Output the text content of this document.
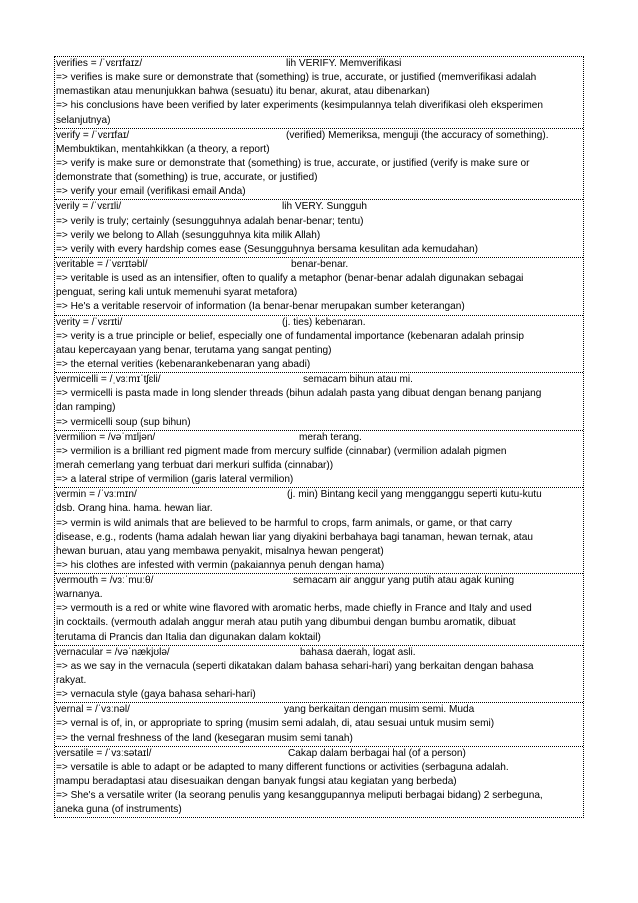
verifies = /ˈvɛrɪfaɪz/	lih VERIFY. Memverifikasi
=> verifies is make sure or demonstrate that (something) is true, accurate, or justified (memverifikasi adalah
memastikan atau menunjukkan bahwa (sesuatu) itu benar, akurat, atau dibenarkan)
=> his conclusions have been verified by later experiments (kesimpulannya telah diverifikasi oleh eksperimen
selanjutnya)
verify = /ˈvɛrɪfaɪ/	(verified) Memeriksa, menguji (the accuracy of something).
Membuktikan, mentahkikkan (a theory, a report)
=> verify is make sure or demonstrate that (something) is true, accurate, or justified (verify is make sure or
demonstrate that (something) is true, accurate, or justified)
=> verify your email (verifikasi email Anda)
verily = /ˈvɛrɪli/	lih VERY. Sungguh
=> verily is truly; certainly (sesungguhnya adalah benar-benar; tentu)
=> verily we belong to Allah (sesungguhnya kita milik Allah)
=> verily with every hardship comes ease (Sesungguhnya bersama kesulitan ada kemudahan)
veritable = /ˈvɛrɪtəbl/	benar-benar.
=> veritable is used as an intensifier, often to qualify a metaphor (benar-benar adalah digunakan sebagai
penguat, sering kali untuk memenuhi syarat metafora)
=> He's a veritable reservoir of information (Ia benar-benar merupakan sumber keterangan)
verity = /ˈvɛrɪti/	(j. ties) kebenaran.
=> verity is a true principle or belief, especially one of fundamental importance (kebenaran adalah prinsip
atau kepercayaan yang benar, terutama yang sangat penting)
=> the eternal verities (kebenarankebenaran yang abadi)
vermicelli = /ˌvɜːmɪˈtʃɛli/	semacam bihun atau mi.
=> vermicelli is pasta made in long slender threads (bihun adalah pasta yang dibuat dengan benang panjang
dan ramping)
=> vermicelli soup (sup bihun)
vermilion = /vəˈmɪljən/	merah terang.
=> vermilion is a brilliant red pigment made from mercury sulfide (cinnabar) (vermilion adalah pigmen
merah cemerlang yang terbuat dari merkuri sulfida (cinnabar))
=> a lateral stripe of vermilion (garis lateral vermilion)
vermin = /ˈvɜːmɪn/	(j. min) Bintang kecil yang mengganggu seperti kutu-kutu
dsb. Orang hina. hama. hewan liar.
=> vermin is wild animals that are believed to be harmful to crops, farm animals, or game, or that carry
disease, e.g., rodents (hama adalah hewan liar yang diyakini berbahaya bagi tanaman, hewan ternak, atau
hewan buruan, atau yang membawa penyakit, misalnya hewan pengerat)
=> his clothes are infested with vermin (pakaiannya penuh dengan hama)
vermouth = /vɜːˈmuːθ/	semacam air anggur yang putih atau agak kuning
warnanya.
=> vermouth is a red or white wine flavored with aromatic herbs, made chiefly in France and Italy and used
in cocktails. (vermouth adalah anggur merah atau putih yang dibumbui dengan bumbu aromatik, dibuat
terutama di Prancis dan Italia dan digunakan dalam koktail)
vernacular = /vəˈnækjʊlə/	bahasa daerah, logat asli.
=> as we say in the vernacula (seperti dikatakan dalam bahasa sehari-hari) yang berkaitan dengan bahasa
rakyat.
=> vernacula style (gaya bahasa sehari-hari)
vernal = /ˈvɜːnəl/	yang berkaitan dengan musim semi. Muda
=> vernal is of, in, or appropriate to spring (musim semi adalah, di, atau sesuai untuk musim semi)
=> the vernal freshness of the land (kesegaran musim semi tanah)
versatile = /ˈvɜːsətaɪl/	Cakap dalam berbagai hal (of a person)
=> versatile is able to adapt or be adapted to many different functions or activities (serbaguna adalah.
mampu beradaptasi atau disesuaikan dengan banyak fungsi atau kegiatan yang berbeda)
=> She's a versatile writer (Ia seorang penulis yang kesanggupannya meliputi berbagai bidang) 2 serbeguna,
aneka guna (of instruments)
